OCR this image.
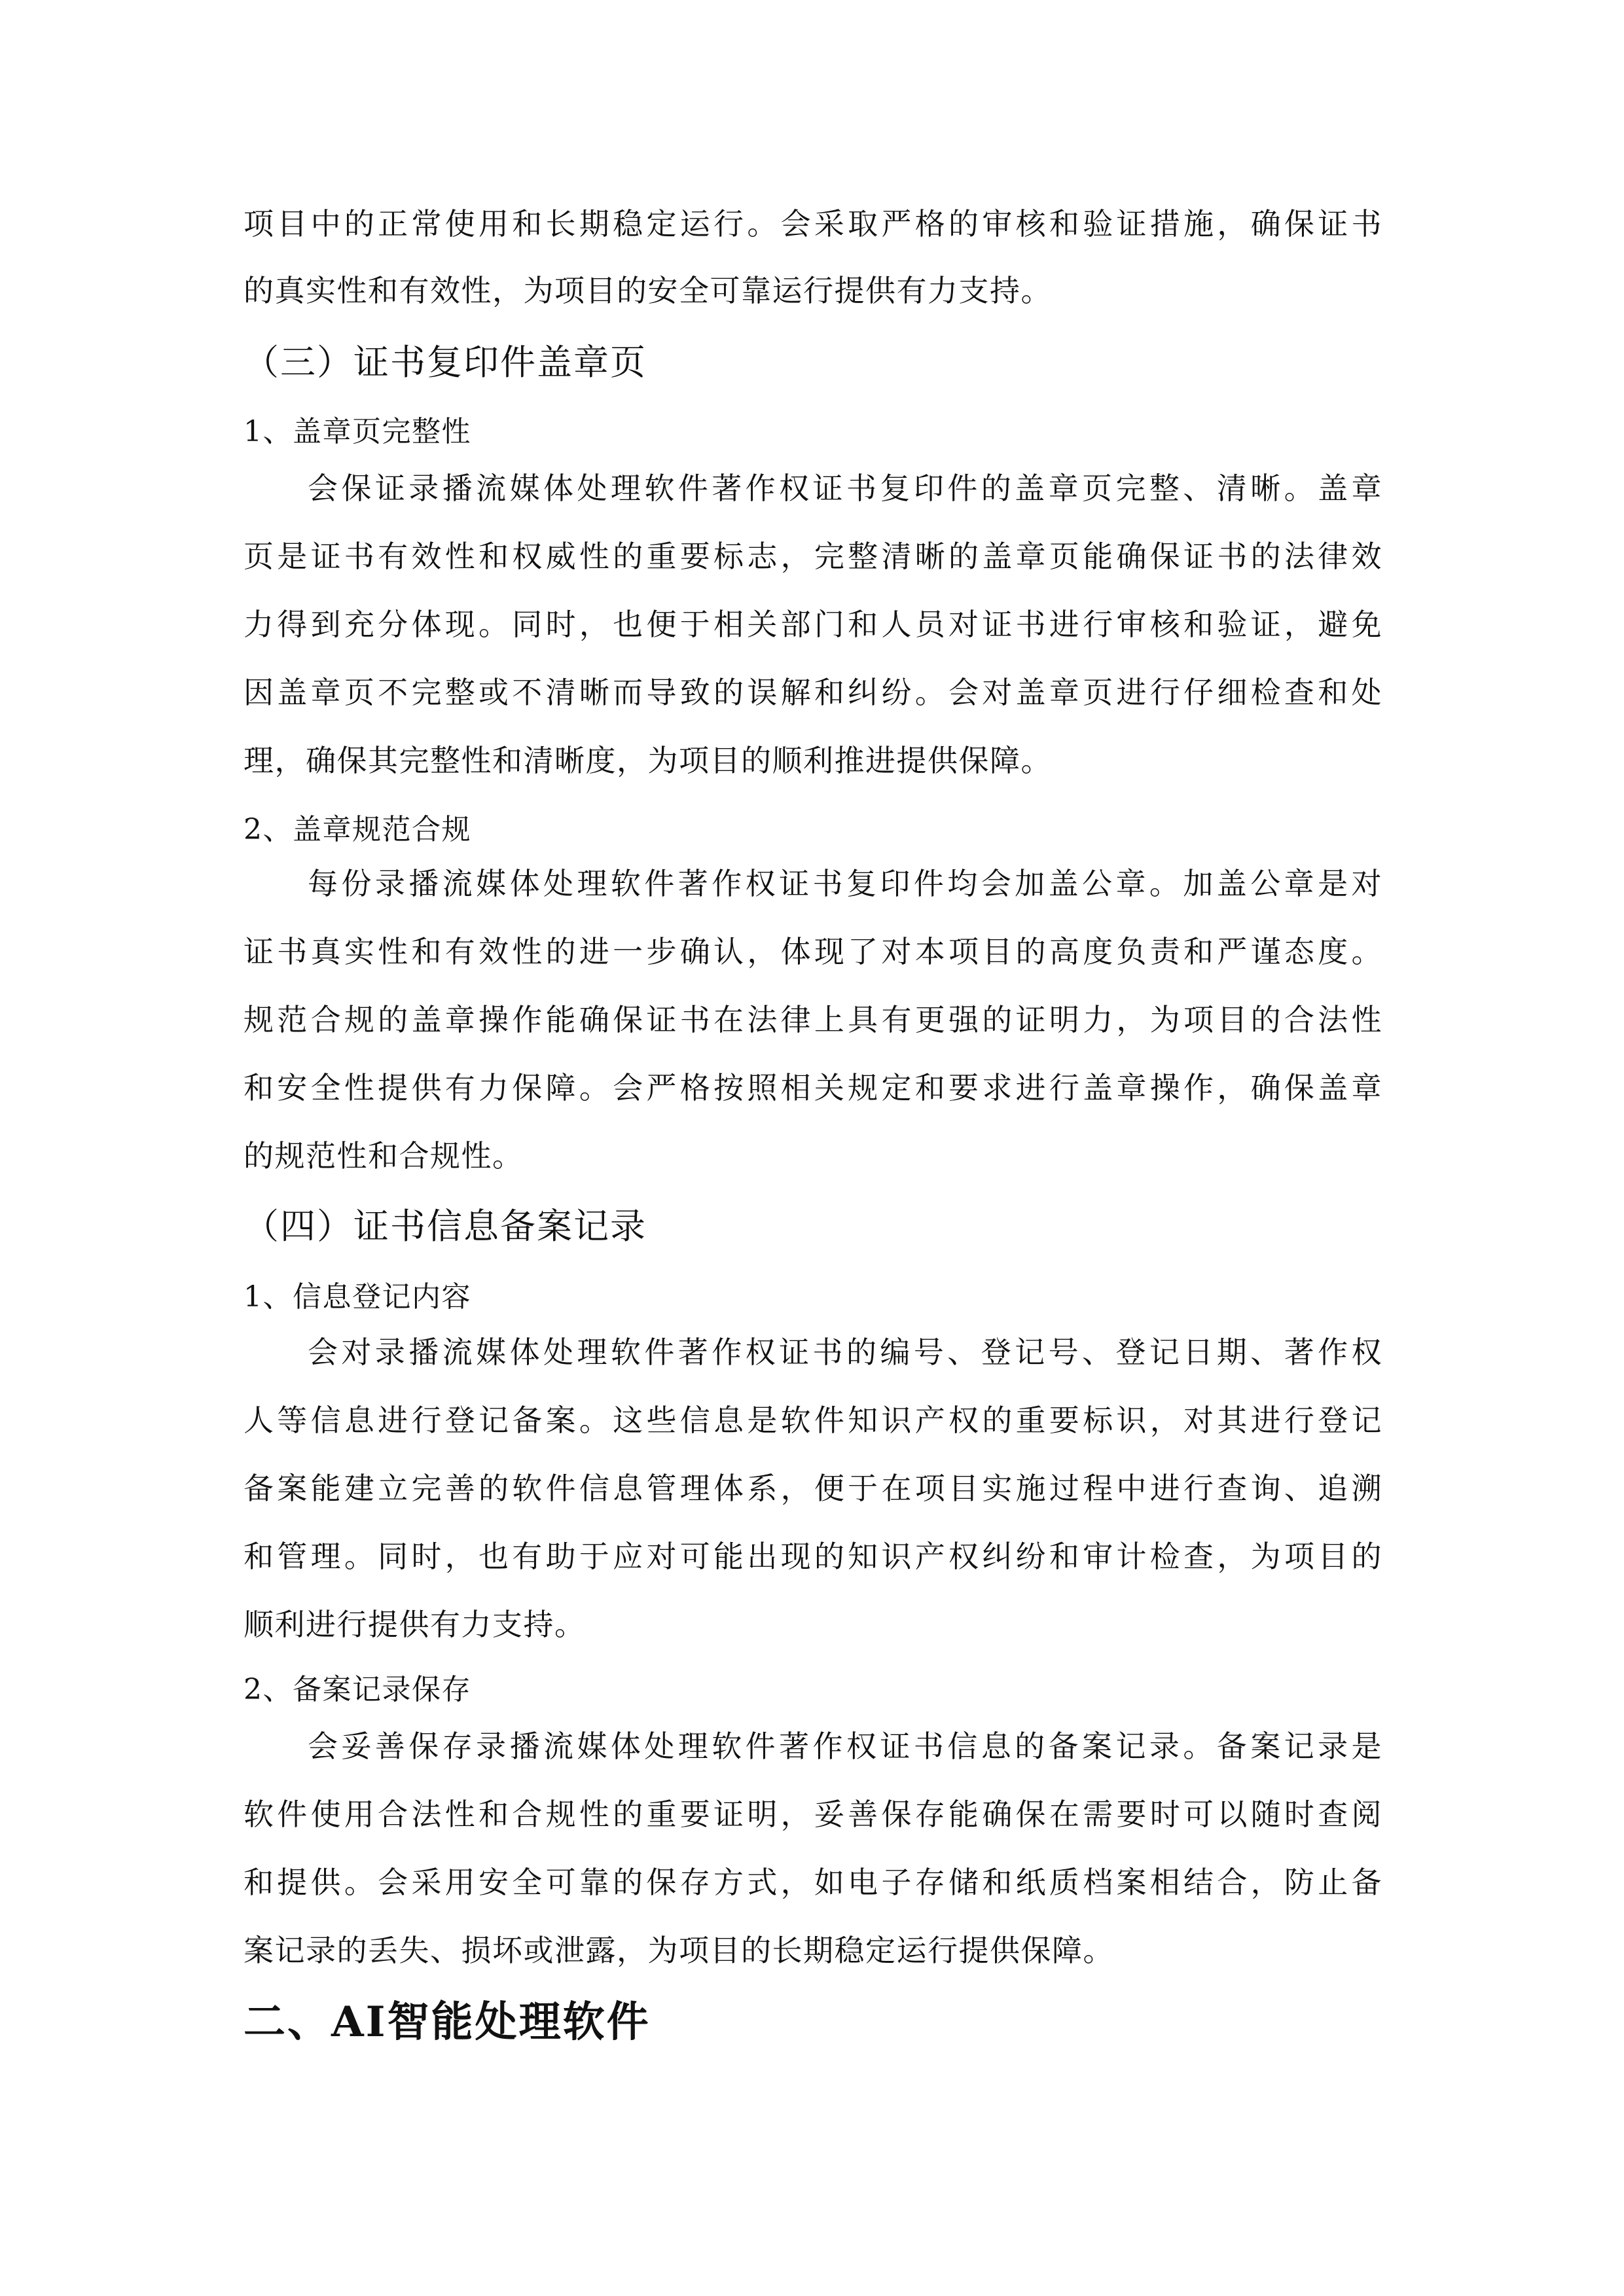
项目中的正常使用和长期稳定运行。会采取严格的审核和验证措施，确保证书
的真实性和有效性，为项目的安全可靠运行提供有力支持。
（三）证书复印件盖章页
1、盖章页完整性
会保证录播流媒体处理软件著作权证书复印件的盖章页完整、清晰。盖章
页是证书有效性和权威性的重要标志，完整清晰的盖章页能确保证书的法律效
力得到充分体现。同时，也便于相关部门和人员对证书进行审核和验证，避免
因盖章页不完整或不清晰而导致的误解和纠纷。会对盖章页进行仔细检查和处
理，确保其完整性和清晰度，为项目的顺利推进提供保障。
2、盖章规范合规
每份录播流媒体处理软件著作权证书复印件均会加盖公章。加盖公章是对
证书真实性和有效性的进一步确认，体现了对本项目的高度负责和严谨态度。
规范合规的盖章操作能确保证书在法律上具有更强的证明力，为项目的合法性
和安全性提供有力保障。会严格按照相关规定和要求进行盖章操作，确保盖章
的规范性和合规性。
（四）证书信息备案记录
1、信息登记内容
会对录播流媒体处理软件著作权证书的编号、登记号、登记日期、著作权
人等信息进行登记备案。这些信息是软件知识产权的重要标识，对其进行登记
备案能建立完善的软件信息管理体系，便于在项目实施过程中进行查询、追溯
和管理。同时，也有助于应对可能出现的知识产权纠纷和审计检查，为项目的
顺利进行提供有力支持。
2、备案记录保存
会妥善保存录播流媒体处理软件著作权证书信息的备案记录。备案记录是
软件使用合法性和合规性的重要证明，妥善保存能确保在需要时可以随时查阅
和提供。会采用安全可靠的保存方式，如电子存储和纸质档案相结合，防止备
案记录的丢失、损坏或泄露，为项目的长期稳定运行提供保障。
二、AI智能处理软件
